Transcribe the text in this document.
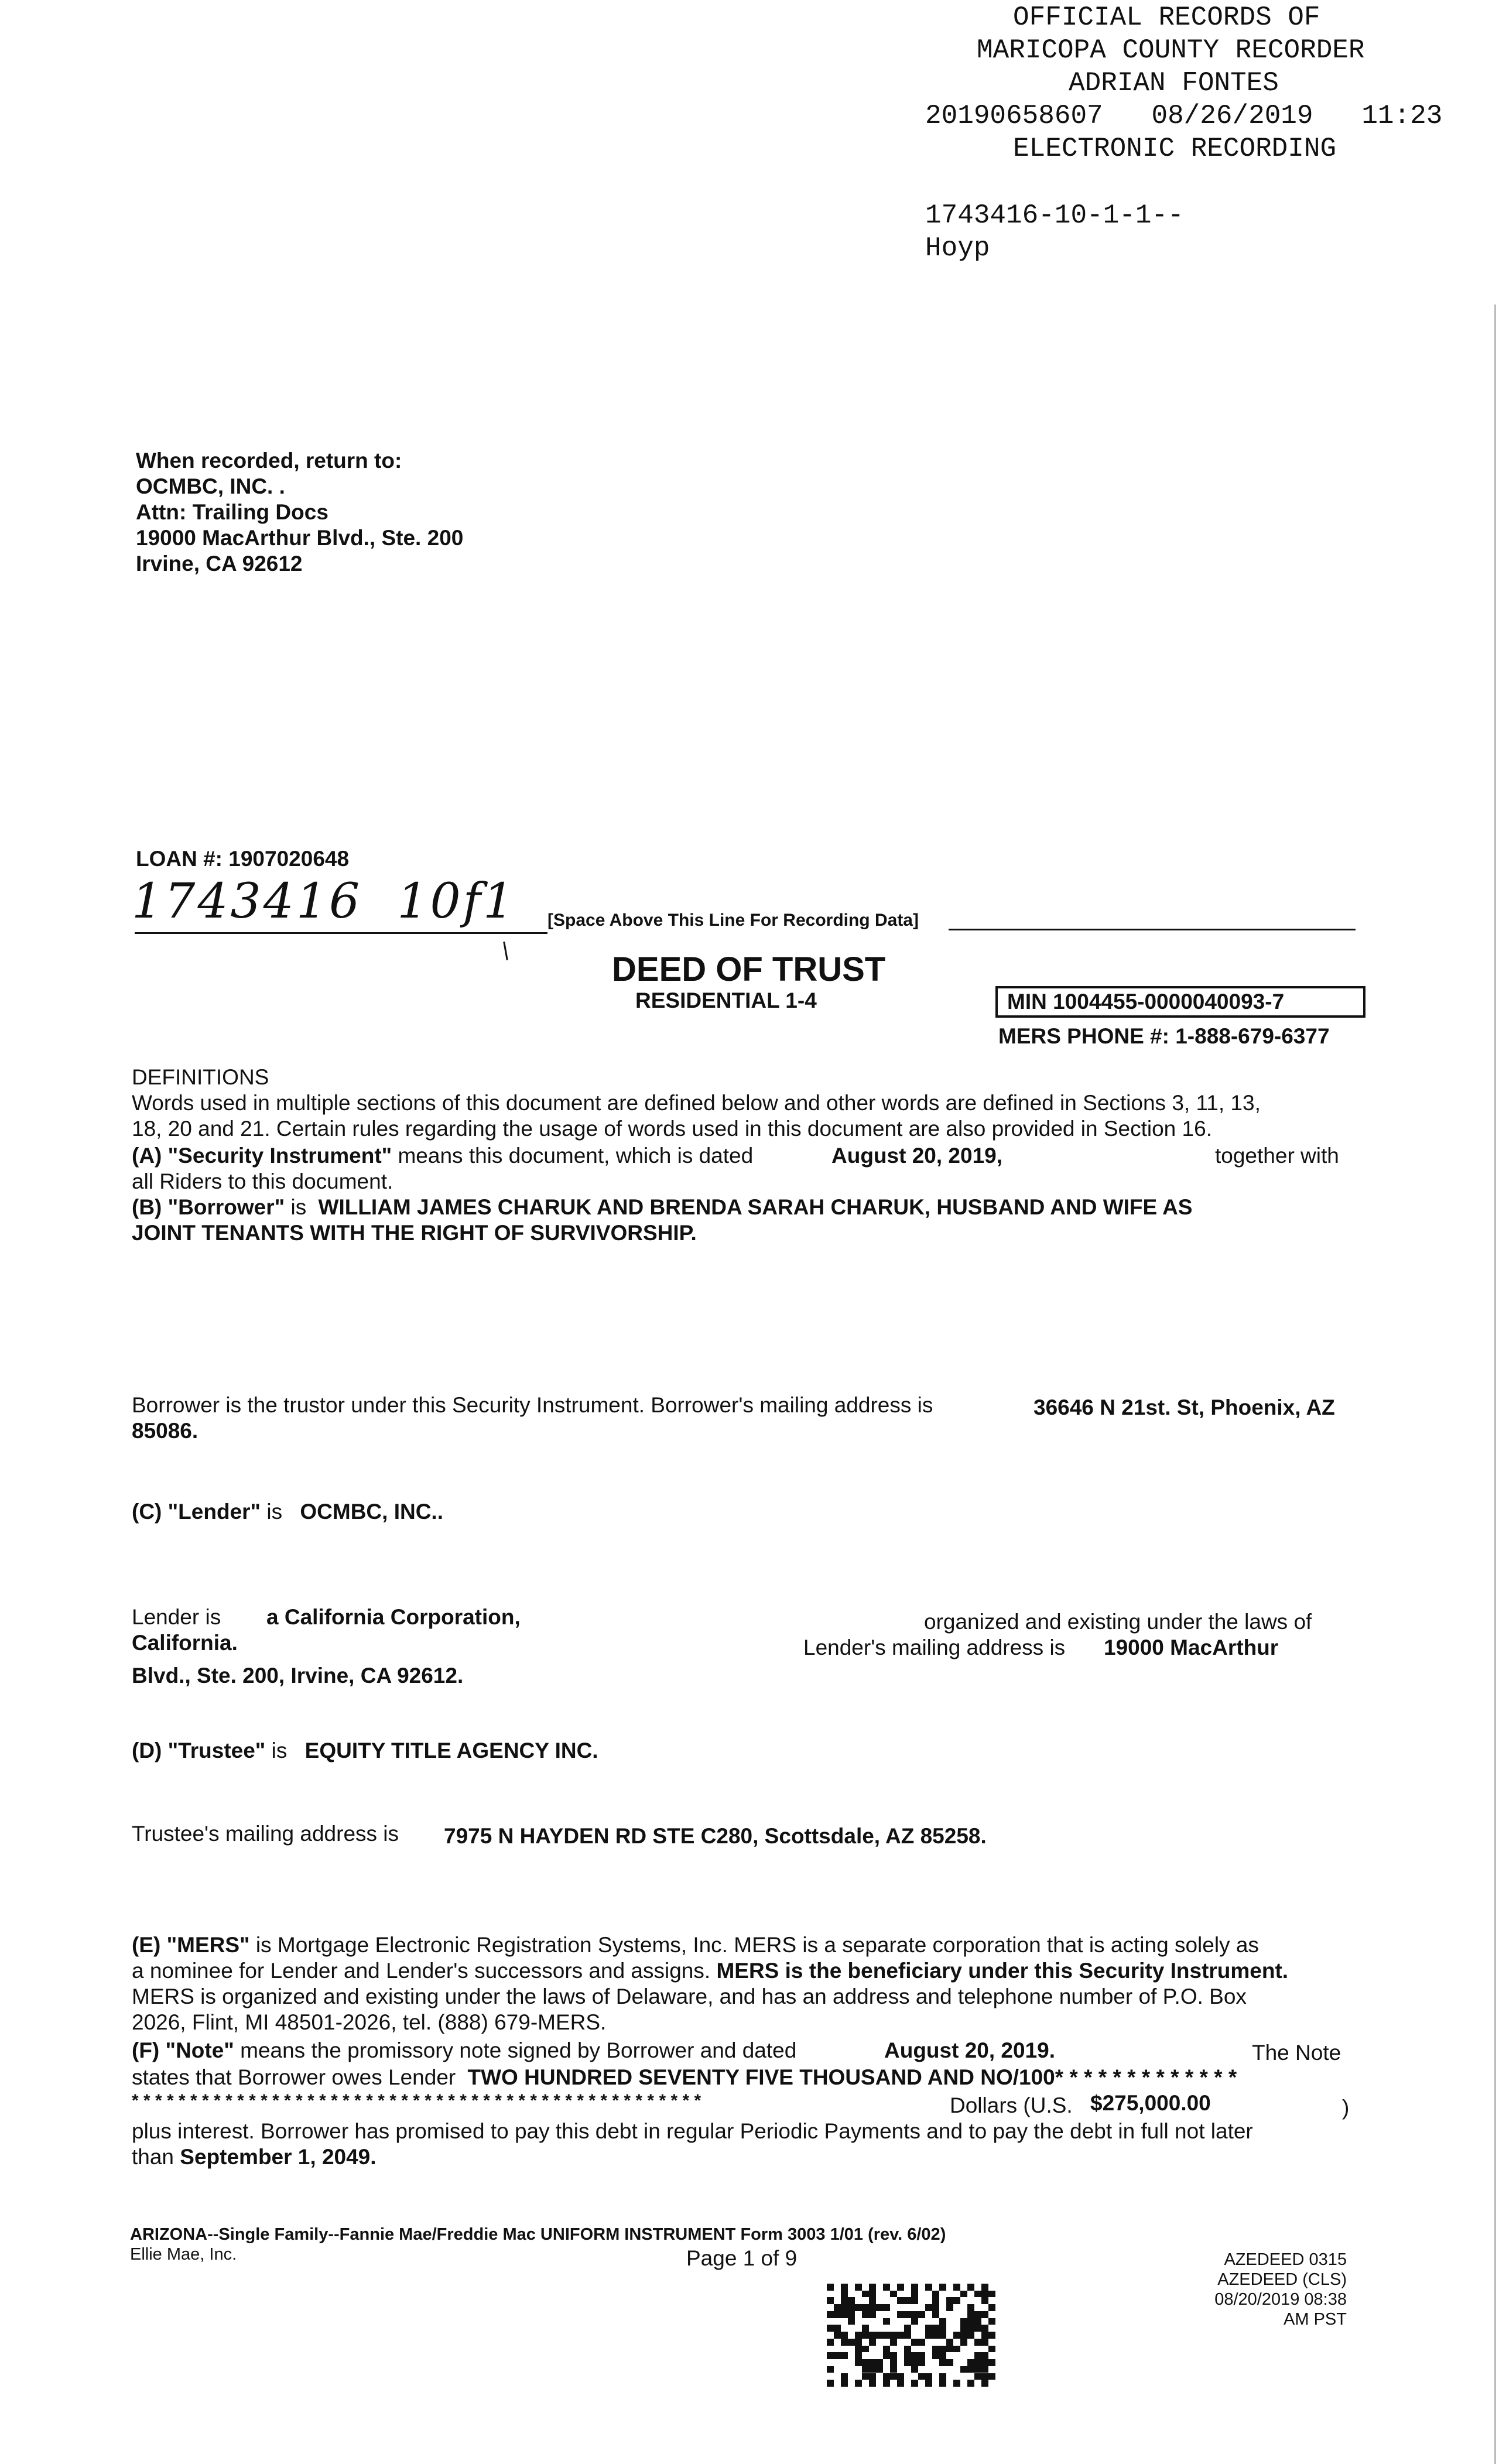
OFFICIAL RECORDS OF
MARICOPA COUNTY RECORDER
ADRIAN FONTES
20190658607   08/26/2019   11:23
ELECTRONIC RECORDING
1743416-10-1-1--
Hoyp
When recorded, return to:
OCMBC, INC. .
Attn: Trailing Docs
19000 MacArthur Blvd., Ste. 200
Irvine, CA 92612
LOAN #: 1907020648
1743416  10f1 [Space Above This Line For Recording Data]
DEED OF TRUST
RESIDENTIAL 1-4	MIN 1004455-0000040093-7
MERS PHONE #: 1-888-679-6377
DEFINITIONS
Words used in multiple sections of this document are defined below and other words are defined in Sections 3, 11, 13,
18, 20 and 21. Certain rules regarding the usage of words used in this document are also provided in Section 16.
(A) "Security Instrument" means this document, which is dated	August 20, 2019,	together with
all Riders to this document.
(B) "Borrower" is WILLIAM JAMES CHARUK AND BRENDA SARAH CHARUK, HUSBAND AND WIFE AS
JOINT TENANTS WITH THE RIGHT OF SURVIVORSHIP.
Borrower is the trustor under this Security Instrument. Borrower's mailing address is	36646 N 21st. St, Phoenix, AZ
85086.
(C) "Lender" is OCMBC, INC..
Lender is a California Corporation,	organized and existing under the laws of
California.	Lender's mailing address is 19000 MacArthur
Blvd., Ste. 200, Irvine, CA 92612.
(D) "Trustee" is EQUITY TITLE AGENCY INC.
Trustee's mailing address is 7975 N HAYDEN RD STE C280, Scottsdale, AZ 85258.
(E) "MERS" is Mortgage Electronic Registration Systems, Inc. MERS is a separate corporation that is acting solely as
a nominee for Lender and Lender's successors and assigns. MERS is the beneficiary under this Security Instrument.
MERS is organized and existing under the laws of Delaware, and has an address and telephone number of P.O. Box
2026, Flint, MI 48501-2026, tel. (888) 679-MERS.
(F) "Note" means the promissory note signed by Borrower and dated	August 20, 2019.	The Note
states that Borrower owes Lender TWO HUNDRED SEVENTY FIVE THOUSAND AND NO/100* * * * * * * * * * * * *
* * * * * * * * * * * * * * * * * * * * * * * * * * * * * * * * * * * * * * * * * * * * * * * * *	Dollars (U.S. $275,000.00	)
plus interest. Borrower has promised to pay this debt in regular Periodic Payments and to pay the debt in full not later
than September 1, 2049.
ARIZONA--Single Family--Fannie Mae/Freddie Mac UNIFORM INSTRUMENT Form 3003 1/01 (rev. 6/02)
Ellie Mae, Inc.	Page 1 of 9	AZEDEED 0315
AZEDEED (CLS)
08/20/2019 08:38 AM PST
